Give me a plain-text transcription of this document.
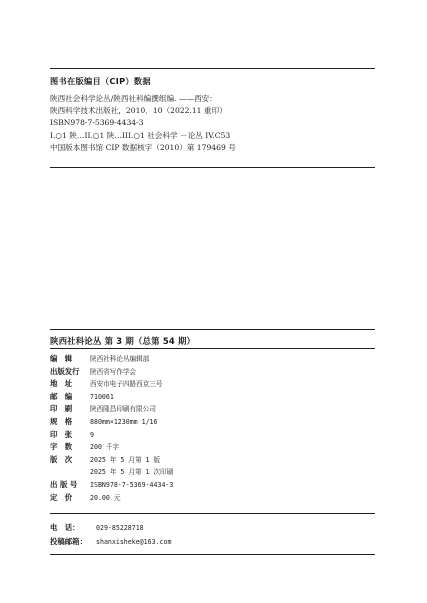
图书在版编目（CIP）数据
陕西社会科学论丛/陕西社科编撰组编. ——西安：
陕西科学技术出版社，2010．10（2022.11 重印）
ISBN978-7-5369-4434-3
I.○1 陕…II.○1 陕…III.○1 社会科学 －论丛 IV.C53
中国版本图书馆 CIP 数据核字（2010）第 179469 号
陕西社科论丛 第 3 期（总第 54 期）
编　辑	陕西社科论丛编辑部
出版发行	陕西省写作学会
地　址	西安市电子四路西京三号
邮　编	710061
印　刷	陕西隆昌印刷有限公司
规　格	880mm×1230mm 1/16
印　张	9
字　数	200 千字
版　次	2025 年 5 月第 1 版
2025 年 5 月第 1 次印刷
出 版 号	ISBN978-7-5369-4434-3
定　价	20.00 元
电　话：	029-85228718
投稿邮箱：	shanxisheke@163.com
